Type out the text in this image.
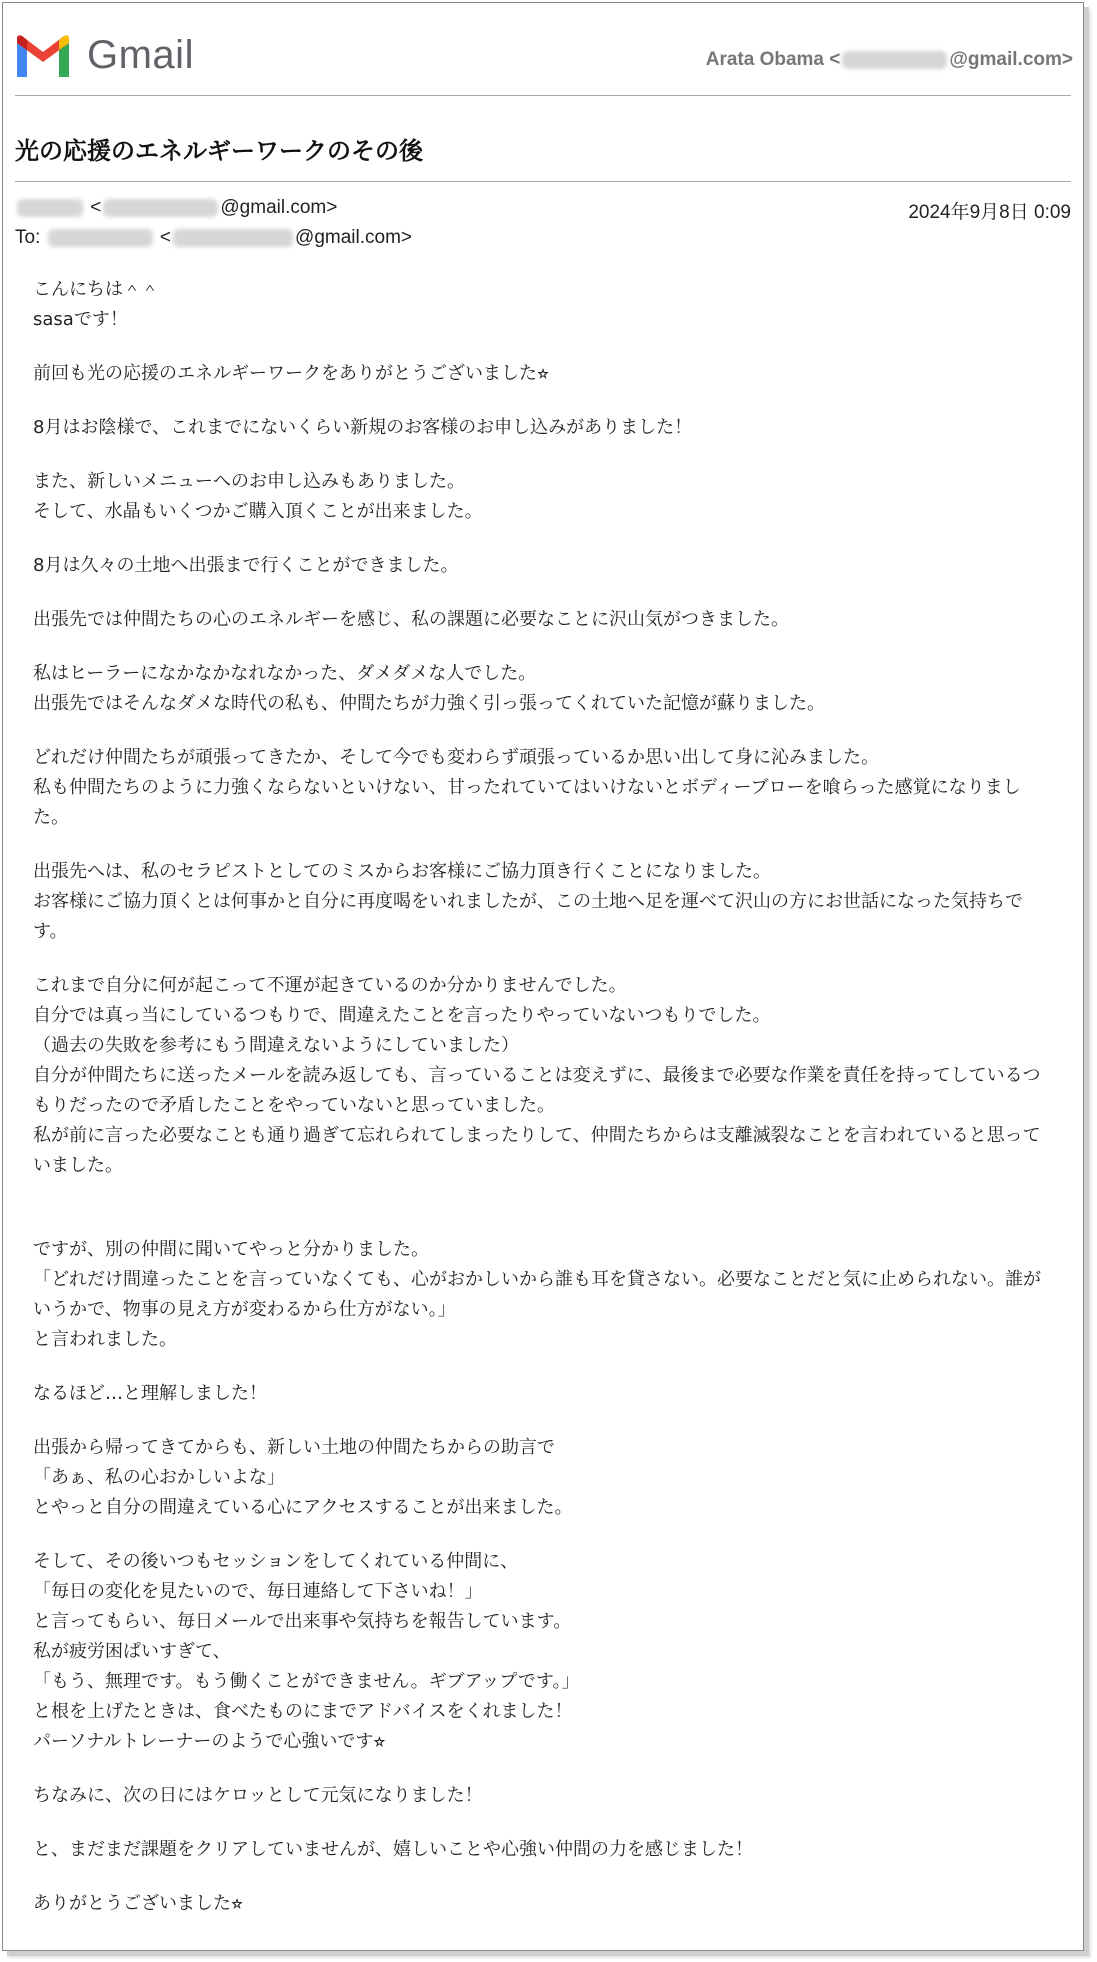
Gmail	Arata Obama <	@gmail.com>
光の応援のエネルギーワークのその後
<	@gmail.com>	2024年9月8日 0:09
To:	<	@gmail.com>
こんにちは＾＾
sasaです！
前回も光の応援のエネルギーワークをありがとうございました⭐︎
8月はお陰様で、これまでにないくらい新規のお客様のお申し込みがありました！
また、新しいメニューへのお申し込みもありました。
そして、水晶もいくつかご購入頂くことが出来ました。
8月は久々の土地へ出張まで行くことができました。
出張先では仲間たちの心のエネルギーを感じ、私の課題に必要なことに沢山気がつきました。
私はヒーラーになかなかなれなかった、ダメダメな人でした。
出張先ではそんなダメな時代の私も、仲間たちが力強く引っ張ってくれていた記憶が蘇りました。
どれだけ仲間たちが頑張ってきたか、そして今でも変わらず頑張っているか思い出して身に沁みました。
私も仲間たちのように力強くならないといけない、甘ったれていてはいけないとボディーブローを喰らった感覚になりました。
出張先へは、私のセラピストとしてのミスからお客様にご協力頂き行くことになりました。
お客様にご協力頂くとは何事かと自分に再度喝をいれましたが、この土地へ足を運べて沢山の方にお世話になった気持ちです。
これまで自分に何が起こって不運が起きているのか分かりませんでした。
自分では真っ当にしているつもりで、間違えたことを言ったりやっていないつもりでした。
（過去の失敗を参考にもう間違えないようにしていました）
自分が仲間たちに送ったメールを読み返しても、言っていることは変えずに、最後まで必要な作業を責任を持ってしているつもりだったので矛盾したことをやっていないと思っていました。
私が前に言った必要なことも通り過ぎて忘れられてしまったりして、仲間たちからは支離滅裂なことを言われていると思っていました。
ですが、別の仲間に聞いてやっと分かりました。
「どれだけ間違ったことを言っていなくても、心がおかしいから誰も耳を貸さない。必要なことだと気に止められない。誰がいうかで、物事の見え方が変わるから仕方がない。」
と言われました。
なるほど…と理解しました！
出張から帰ってきてからも、新しい土地の仲間たちからの助言で
「あぁ、私の心おかしいよな」
とやっと自分の間違えている心にアクセスすることが出来ました。
そして、その後いつもセッションをしてくれている仲間に、
「毎日の変化を見たいので、毎日連絡して下さいね！」
と言ってもらい、毎日メールで出来事や気持ちを報告しています。
私が疲労困ぱいすぎて、
「もう、無理です。もう働くことができません。ギブアップです。」
と根を上げたときは、食べたものにまでアドバイスをくれました！
パーソナルトレーナーのようで心強いです⭐︎
ちなみに、次の日にはケロッとして元気になりました！
と、まだまだ課題をクリアしていませんが、嬉しいことや心強い仲間の力を感じました！
ありがとうございました⭐︎
